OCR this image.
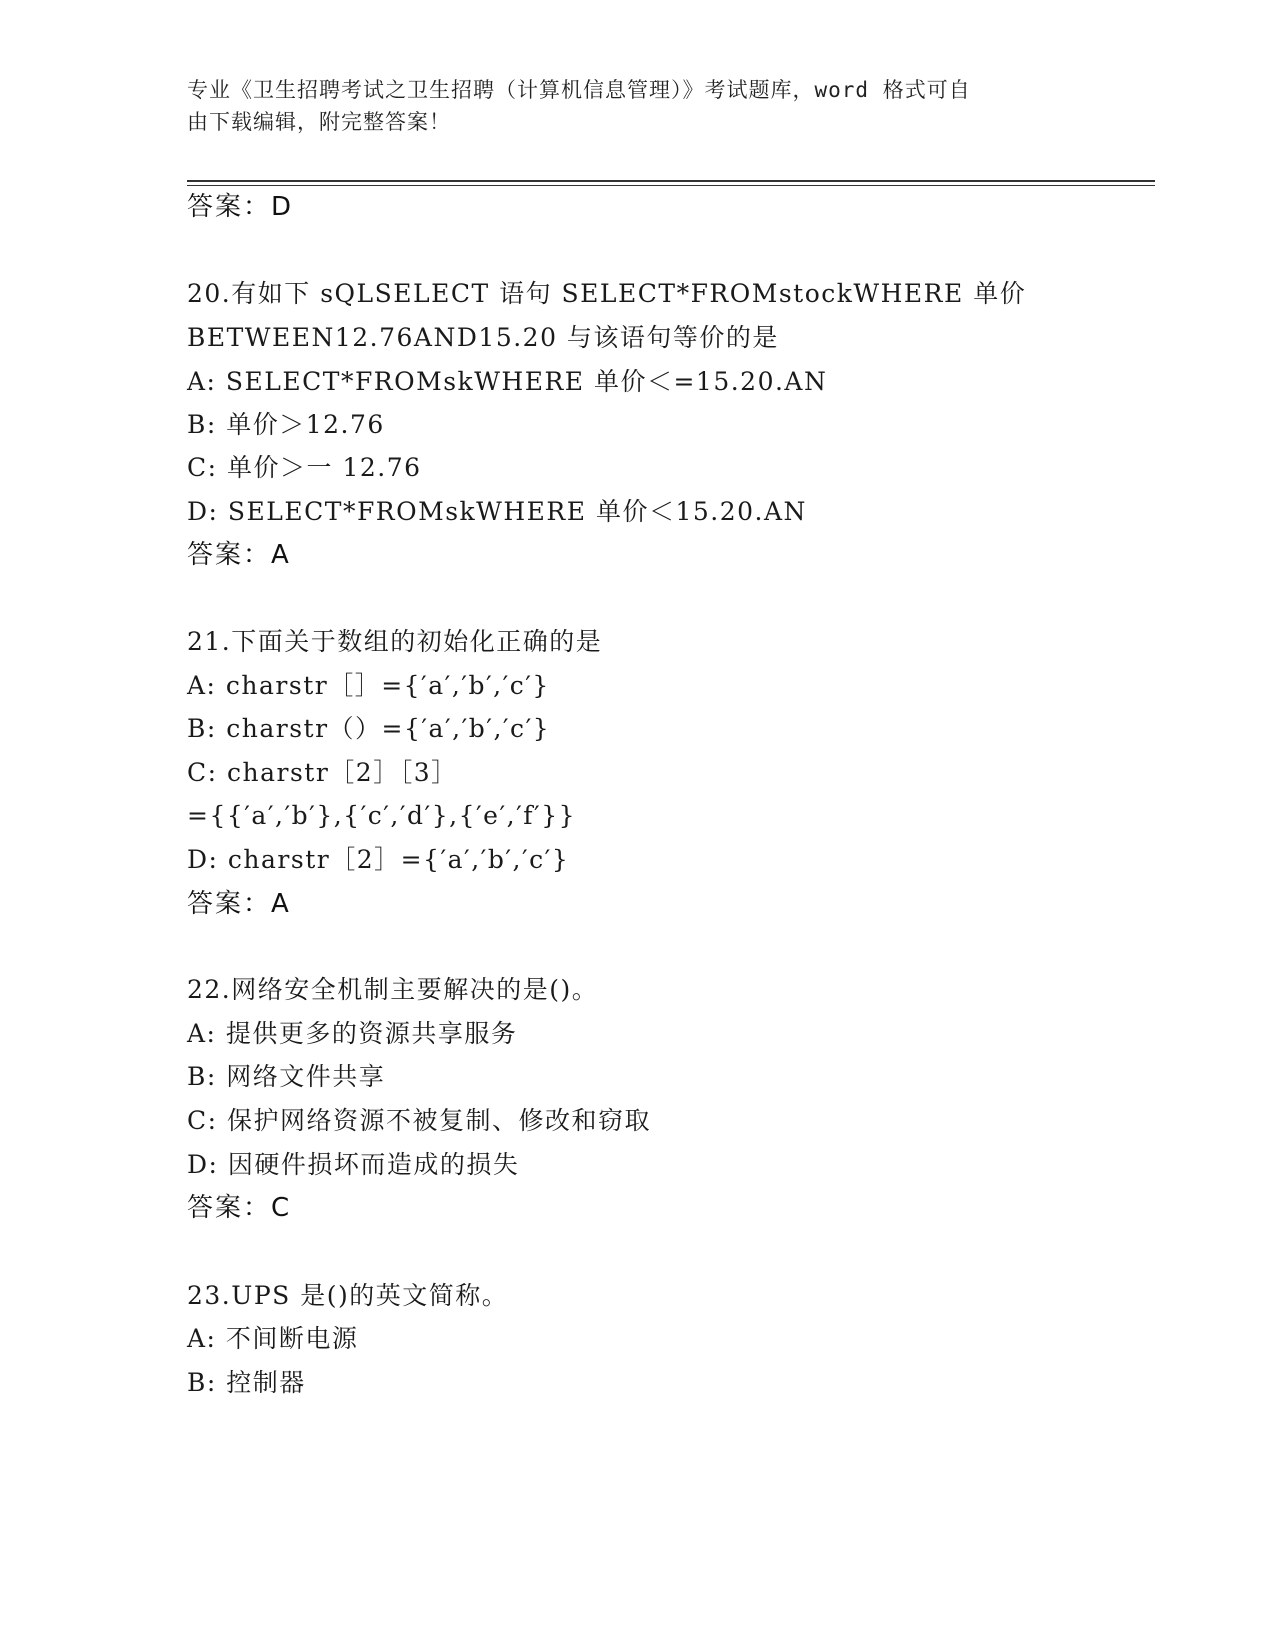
专业《卫生招聘考试之卫生招聘（计算机信息管理）》考试题库，word 格式可自
由下载编辑，附完整答案！
答案：D
20.有如下 sQLSELECT 语句 SELECT*FROMstockWHERE 单价
BETWEEN12.76AND15.20 与该语句等价的是
A: SELECT*FROMskWHERE 单价＜=15.20.AN
B: 单价＞12.76
C: 单价＞一 12.76
D: SELECT*FROMskWHERE 单价＜15.20.AN
答案：A
21.下面关于数组的初始化正确的是
A: charstr［］={′a′,′b′,′c′}
B: charstr（）={′a′,′b′,′c′}
C: charstr［2］［3］
={{′a′,′b′},{′c′,′d′},{′e′,′f′}}
D: charstr［2］={′a′,′b′,′c′}
答案：A
22.网络安全机制主要解决的是()。
A: 提供更多的资源共享服务
B: 网络文件共享
C: 保护网络资源不被复制、修改和窃取
D: 因硬件损坏而造成的损失
答案：C
23.UPS 是()的英文简称。
A: 不间断电源
B: 控制器
